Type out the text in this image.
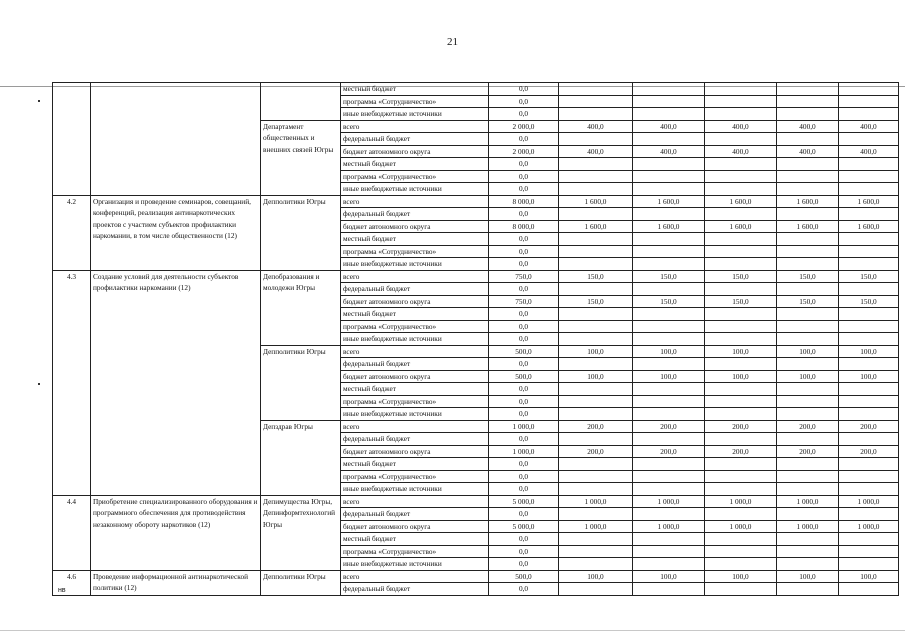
21
			местный бюджет	0,0					
			программа «Сотрудничество»	0,0					
			иные внебюджетные источники	0,0					
		Департамент общественных и внешних связей Югры	всего	2 000,0	400,0	400,0	400,0	400,0	400,0
			федеральный бюджет	0,0					
			бюджет автономного округа	2 000,0	400,0	400,0	400,0	400,0	400,0
			местный бюджет	0,0					
			программа «Сотрудничество»	0,0					
			иные внебюджетные источники	0,0					
4.2	Организация и проведение семинаров, совещаний, конференций, реализация антинаркотических проектов с участием субъектов профилактики наркомании, в том числе общественности (12)	Депполитики Югры	всего	8 000,0	1 600,0	1 600,0	1 600,0	1 600,0	1 600,0
			федеральный бюджет	0,0					
			бюджет автономного округа	8 000,0	1 600,0	1 600,0	1 600,0	1 600,0	1 600,0
			местный бюджет	0,0					
			программа «Сотрудничество»	0,0					
			иные внебюджетные источники	0,0					
4.3	Создание условий для деятельности субъектов профилактики наркомании (12)	Депобразования и молодежи Югры	всего	750,0	150,0	150,0	150,0	150,0	150,0
			федеральный бюджет	0,0					
			бюджет автономного округа	750,0	150,0	150,0	150,0	150,0	150,0
			местный бюджет	0,0					
			программа «Сотрудничество»	0,0					
			иные внебюджетные источники	0,0					
		Депполитики Югры	всего	500,0	100,0	100,0	100,0	100,0	100,0
			федеральный бюджет	0,0					
			бюджет автономного округа	500,0	100,0	100,0	100,0	100,0	100,0
			местный бюджет	0,0					
			программа «Сотрудничество»	0,0					
			иные внебюджетные источники	0,0					
		Депздрав Югры	всего	1 000,0	200,0	200,0	200,0	200,0	200,0
			федеральный бюджет	0,0					
			бюджет автономного округа	1 000,0	200,0	200,0	200,0	200,0	200,0
			местный бюджет	0,0					
			программа «Сотрудничество»	0,0					
			иные внебюджетные источники	0,0					
4.4	Приобретение специализированного оборудования и программного обеспечения для противодействия незаконному обороту наркотиков (12)	Депимущества Югры, Депинформтехнологий Югры	всего	5 000,0	1 000,0	1 000,0	1 000,0	1 000,0	1 000,0
			федеральный бюджет	0,0					
			бюджет автономного округа	5 000,0	1 000,0	1 000,0	1 000,0	1 000,0	1 000,0
			местный бюджет	0,0					
			программа «Сотрудничество»	0,0					
			иные внебюджетные источники	0,0					
4.6	Проведение информационной антинаркотической политики (12)	Депполитики Югры	всего	500,0	100,0	100,0	100,0	100,0	100,0
			федеральный бюджет	0,0					
нв
